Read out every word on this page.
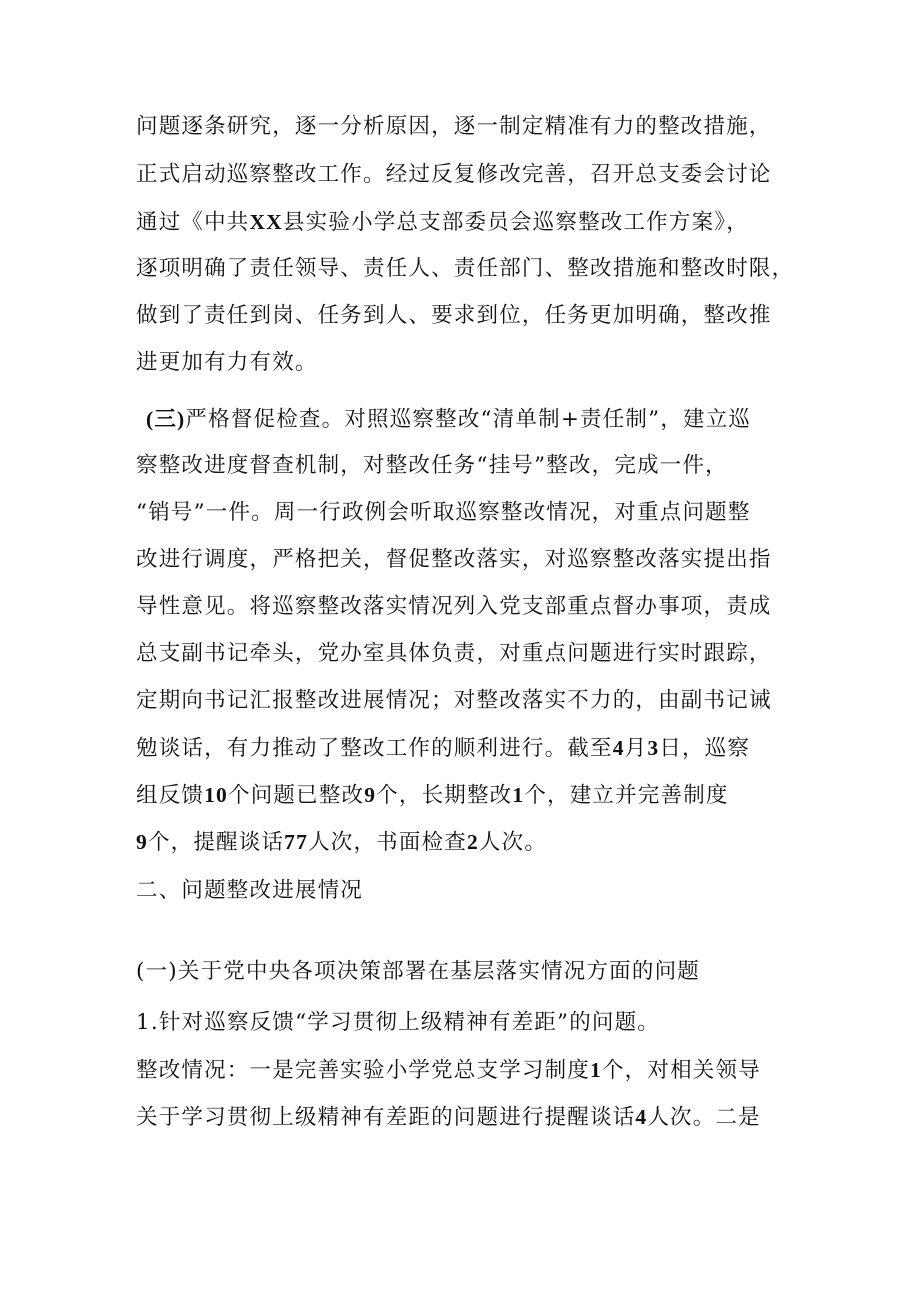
问题逐条研究，逐一分析原因，逐一制定精准有力的整改措施，
正式启动巡察整改工作。经过反复修改完善，召开总支委会讨论
通过《中共XX县实验小学总支部委员会巡察整改工作方案》，
逐项明确了责任领导、责任人、责任部门、整改措施和整改时限，
做到了责任到岗、任务到人、要求到位，任务更加明确，整改推
进更加有力有效。
(三)严格督促检查。对照巡察整改“清单制+责任制”，建立巡
察整改进度督查机制，对整改任务“挂号”整改，完成一件，
“销号”一件。周一行政例会听取巡察整改情况，对重点问题整
改进行调度，严格把关，督促整改落实，对巡察整改落实提出指
导性意见。将巡察整改落实情况列入党支部重点督办事项，责成
总支副书记牵头，党办室具体负责，对重点问题进行实时跟踪，
定期向书记汇报整改进展情况；对整改落实不力的，由副书记诫
勉谈话，有力推动了整改工作的顺利进行。截至4月3日，巡察
组反馈10个问题已整改9个，长期整改1个，建立并完善制度
9个，提醒谈话77人次，书面检查2人次。
二、问题整改进展情况
(一)关于党中央各项决策部署在基层落实情况方面的问题
1.针对巡察反馈“学习贯彻上级精神有差距”的问题。
整改情况：一是完善实验小学党总支学习制度1个，对相关领导
关于学习贯彻上级精神有差距的问题进行提醒谈话4人次。二是
